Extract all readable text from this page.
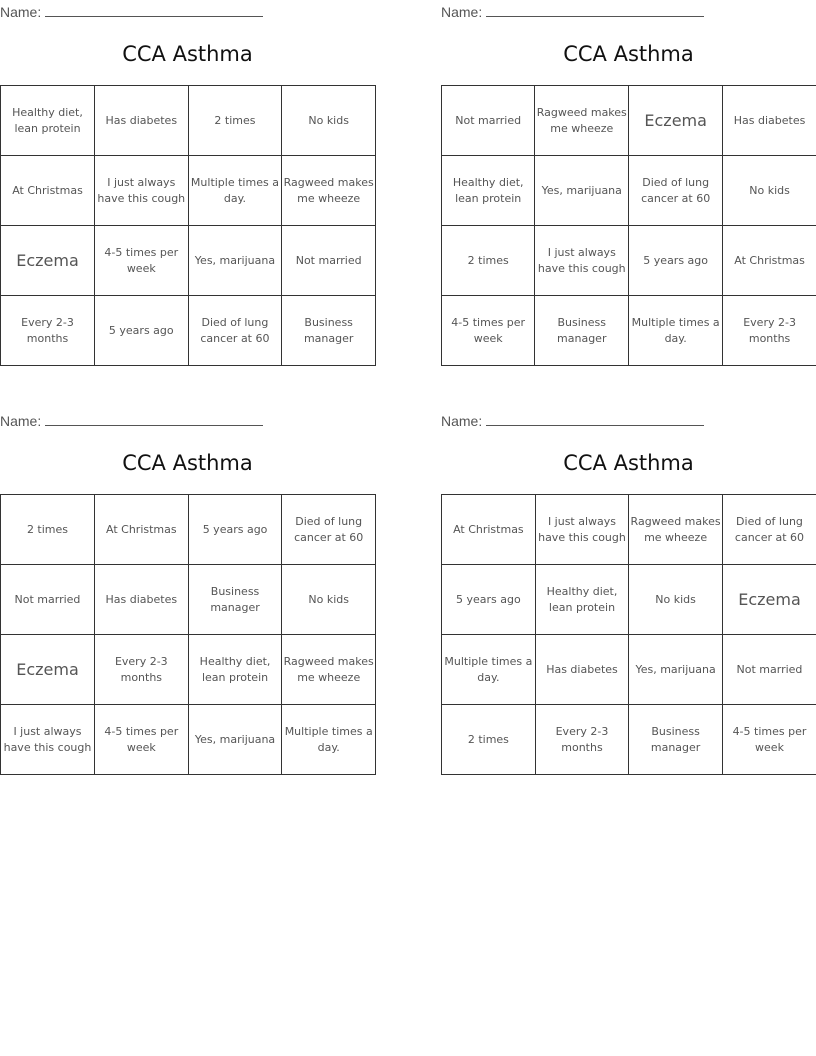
Name:
CCA Asthma
Healthy diet, lean protein	Has diabetes	2 times	No kids
At Christmas	I just always have this cough	Multiple times a day.	Ragweed makes me wheeze
Eczema	4-5 times per week	Yes, marijuana	Not married
Every 2-3 months	5 years ago	Died of lung cancer at 60	Business manager
Name:
CCA Asthma
Not married	Ragweed makes me wheeze	Eczema	Has diabetes
Healthy diet, lean protein	Yes, marijuana	Died of lung cancer at 60	No kids
2 times	I just always have this cough	5 years ago	At Christmas
4-5 times per week	Business manager	Multiple times a day.	Every 2-3 months
Name:
CCA Asthma
2 times	At Christmas	5 years ago	Died of lung cancer at 60
Not married	Has diabetes	Business manager	No kids
Eczema	Every 2-3 months	Healthy diet, lean protein	Ragweed makes me wheeze
I just always have this cough	4-5 times per week	Yes, marijuana	Multiple times a day.
Name:
CCA Asthma
At Christmas	I just always have this cough	Ragweed makes me wheeze	Died of lung cancer at 60
5 years ago	Healthy diet, lean protein	No kids	Eczema
Multiple times a day.	Has diabetes	Yes, marijuana	Not married
2 times	Every 2-3 months	Business manager	4-5 times per week
